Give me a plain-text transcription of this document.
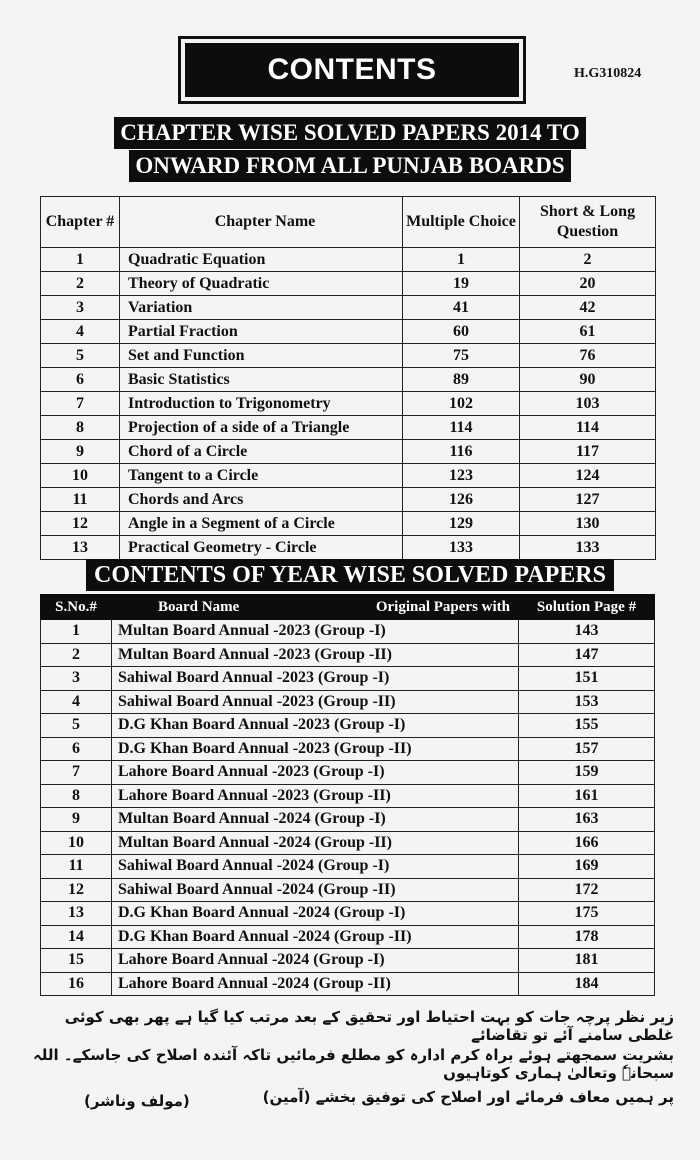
CONTENTS	H.G310824
CHAPTER WISE SOLVED PAPERS 2014 TO
ONWARD FROM ALL PUNJAB BOARDS
Chapter #	Chapter Name	Multiple Choice	Short & Long Question
1	Quadratic Equation	1	2
2	Theory of Quadratic	19	20
3	Variation	41	42
4	Partial Fraction	60	61
5	Set and Function	75	76
6	Basic Statistics	89	90
7	Introduction to Trigonometry	102	103
8	Projection of a side of a Triangle	114	114
9	Chord of a Circle	116	117
10	Tangent to a Circle	123	124
11	Chords and Arcs	126	127
12	Angle in a Segment of a Circle	129	130
13	Practical Geometry - Circle	133	133
CONTENTS OF YEAR WISE SOLVED PAPERS
S.No.#	Board Name Original Papers with	Solution Page #
1	Multan Board Annual -2023 (Group -I)	143
2	Multan Board Annual -2023 (Group -II)	147
3	Sahiwal Board Annual -2023 (Group -I)	151
4	Sahiwal Board Annual -2023 (Group -II)	153
5	D.G Khan Board Annual -2023 (Group -I)	155
6	D.G Khan Board Annual -2023 (Group -II)	157
7	Lahore Board Annual -2023 (Group -I)	159
8	Lahore Board Annual -2023 (Group -II)	161
9	Multan Board Annual -2024 (Group -I)	163
10	Multan Board Annual -2024 (Group -II)	166
11	Sahiwal Board Annual -2024 (Group -I)	169
12	Sahiwal Board Annual -2024 (Group -II)	172
13	D.G Khan Board Annual -2024 (Group -I)	175
14	D.G Khan Board Annual -2024 (Group -II)	178
15	Lahore Board Annual -2024 (Group -I)	181
16	Lahore Board Annual -2024 (Group -II)	184
زیر نظر پرچہ جات کو بہت احتیاط اور تحقیق کے بعد مرتب کیا گیا ہے پھر بھی کوئی غلطی سامنے آئے تو تقاضائے
بشریت سمجھتے ہوئے براہ کرم ادارہ کو مطلع فرمائیں تاکہ آئندہ اصلاح کی جاسکے۔ اللہ سبحانہٗ وتعالیٰ ہماری کوتاہیوں
پر ہمیں معاف فرمائے اور اصلاح کی توفیق بخشے (آمین)
(مولف وناشر)
